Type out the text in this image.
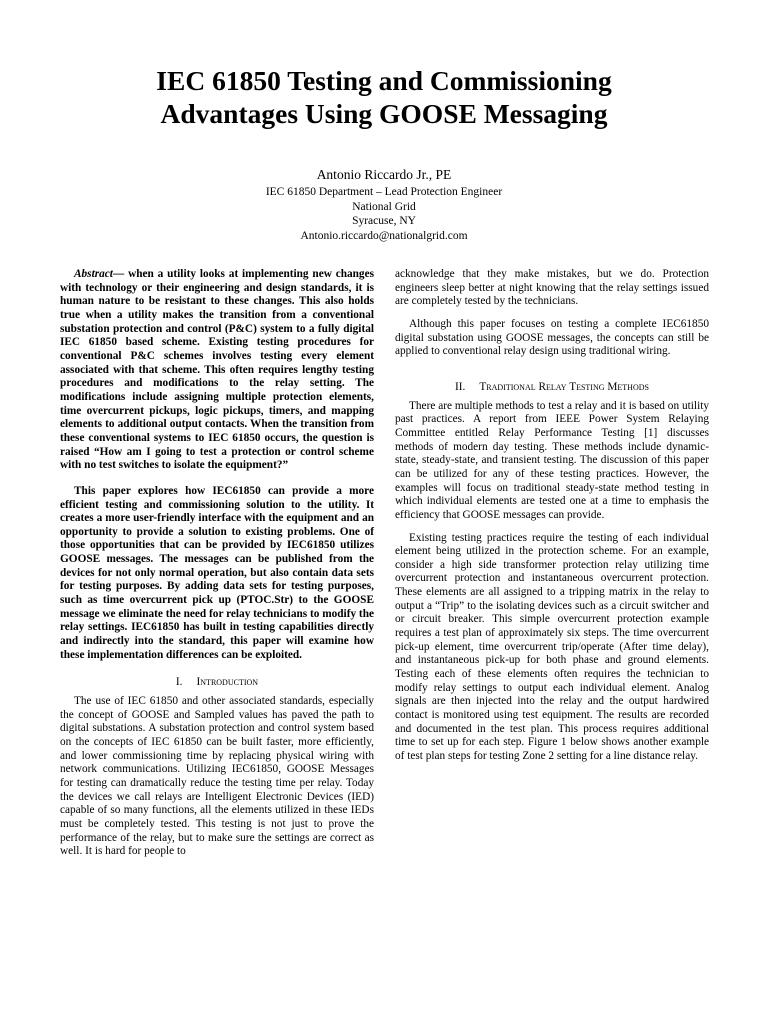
IEC 61850 Testing and Commissioning
Advantages Using GOOSE Messaging
Antonio Riccardo Jr., PE
IEC 61850 Department – Lead Protection Engineer
National Grid
Syracuse, NY
Antonio.riccardo@nationalgrid.com

Abstract— when a utility looks at implementing new changes with technology or their engineering and design standards, it is human nature to be resistant to these changes. This also holds true when a utility makes the transition from a conventional substation protection and control (P&C) system to a fully digital IEC 61850 based scheme. Existing testing procedures for conventional P&C schemes involves testing every element associated with that scheme. This often requires lengthy testing procedures and modifications to the relay setting. The modifications include assigning multiple protection elements, time overcurrent pickups, logic pickups, timers, and mapping elements to additional output contacts. When the transition from these conventional systems to IEC 61850 occurs, the question is raised “How am I going to test a protection or control scheme with no test switches to isolate the equipment?”

This paper explores how IEC61850 can provide a more efficient testing and commissioning solution to the utility. It creates a more user-friendly interface with the equipment and an opportunity to provide a solution to existing problems. One of those opportunities that can be provided by IEC61850 utilizes GOOSE messages. The messages can be published from the devices for not only normal operation, but also contain data sets for testing purposes. By adding data sets for testing purposes, such as time overcurrent pick up (PTOC.Str) to the GOOSE message we eliminate the need for relay technicians to modify the relay settings. IEC61850 has built in testing capabilities directly and indirectly into the standard, this paper will examine how these implementation differences can be exploited.

I. Introduction

The use of IEC 61850 and other associated standards, especially the concept of GOOSE and Sampled values has paved the path to digital substations. A substation protection and control system based on the concepts of IEC 61850 can be built faster, more efficiently, and lower commissioning time by replacing physical wiring with network communications. Utilizing IEC61850, GOOSE Messages for testing can dramatically reduce the testing time per relay. Today the devices we call relays are Intelligent Electronic Devices (IED) capable of so many functions, all the elements utilized in these IEDs must be completely tested. This testing is not just to prove the performance of the relay, but to make sure the settings are correct as well. It is hard for people to

acknowledge that they make mistakes, but we do. Protection engineers sleep better at night knowing that the relay settings issued are completely tested by the technicians.

Although this paper focuses on testing a complete IEC61850 digital substation using GOOSE messages, the concepts can still be applied to conventional relay design using traditional wiring.

II. Traditional Relay Testing Methods

There are multiple methods to test a relay and it is based on utility past practices. A report from IEEE Power System Relaying Committee entitled Relay Performance Testing [1] discusses methods of modern day testing. These methods include dynamic-state, steady-state, and transient testing. The discussion of this paper can be utilized for any of these testing practices. However, the examples will focus on traditional steady-state method testing in which individual elements are tested one at a time to emphasis the efficiency that GOOSE messages can provide.

Existing testing practices require the testing of each individual element being utilized in the protection scheme. For an example, consider a high side transformer protection relay utilizing time overcurrent protection and instantaneous overcurrent protection. These elements are all assigned to a tripping matrix in the relay to output a “Trip” to the isolating devices such as a circuit switcher and or circuit breaker. This simple overcurrent protection example requires a test plan of approximately six steps. The time overcurrent pick-up element, time overcurrent trip/operate (After time delay), and instantaneous pick-up for both phase and ground elements. Testing each of these elements often requires the technician to modify relay settings to output each individual element. Analog signals are then injected into the relay and the output hardwired contact is monitored using test equipment. The results are recorded and documented in the test plan. This process requires additional time to set up for each step. Figure 1 below shows another example of test plan steps for testing Zone 2 setting for a line distance relay.
